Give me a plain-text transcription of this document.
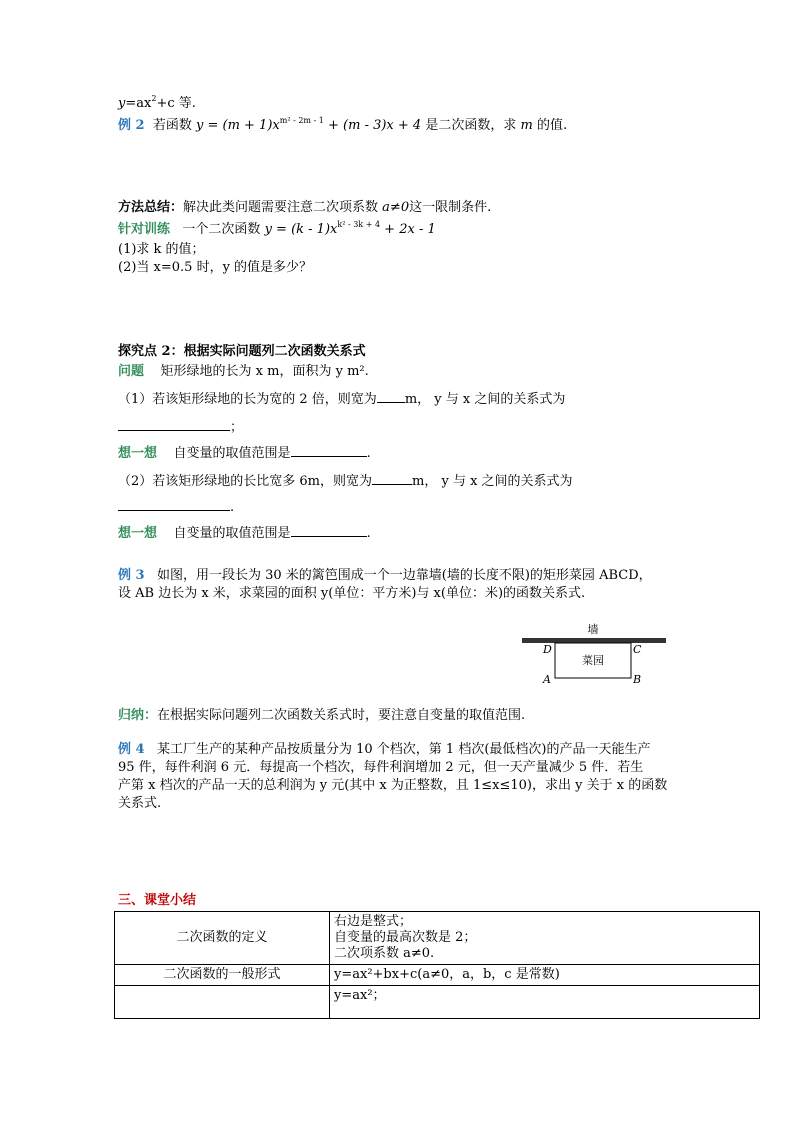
$y=ax^2+c$ 等.
例 2 若函数 $y = (m + 1)x^{m^2 - 2m - 1} + (m - 3)x + 4$ 是二次函数，求 m 的值.
方法总结：解决此类问题需要注意二次项系数 a≠0这一限制条件.
针对训练 一个二次函数 $y = (k - 1)x^{k^2 - 3k + 4} + 2x - 1$
(1)求 k 的值；
(2)当 x=0.5 时，y 的值是多少？
探究点 2：根据实际问题列二次函数关系式
问题 矩形绿地的长为 x m，面积为 y m².
（1）若该矩形绿地的长为宽的 2 倍，则宽为 m， y 与 x 之间的关系式为
；
想一想 自变量的取值范围是	.
（2）若该矩形绿地的长比宽多 6m，则宽为	m， y 与 x 之间的关系式为
.
想一想 自变量的取值范围是	.
例 3 如图，用一段长为 30 米的篱笆围成一个一边靠墙(墙的长度不限)的矩形菜园 ABCD，
设 AB 边长为 x 米，求菜园的面积 y(单位：平方米)与 x(单位：米)的函数关系式.
墙
菜园
D	C
A	B
归纳：在根据实际问题列二次函数关系式时，要注意自变量的取值范围.
例 4 某工厂生产的某种产品按质量分为 10 个档次，第 1 档次(最低档次)的产品一天能生产
95 件，每件利润 6 元．每提高一个档次，每件利润增加 2 元，但一天产量减少 5 件．若生
产第 x 档次的产品一天的总利润为 y 元(其中 x 为正整数，且 1≤x≤10)，求出 y 关于 x 的函数
关系式.
三、课堂小结
二次函数的定义	右边是整式；
自变量的最高次数是 2；
二次项系数 a≠0.

二次函数的一般形式	y=ax²+bx+c(a≠0，a，b，c 是常数)
	y=ax²；
